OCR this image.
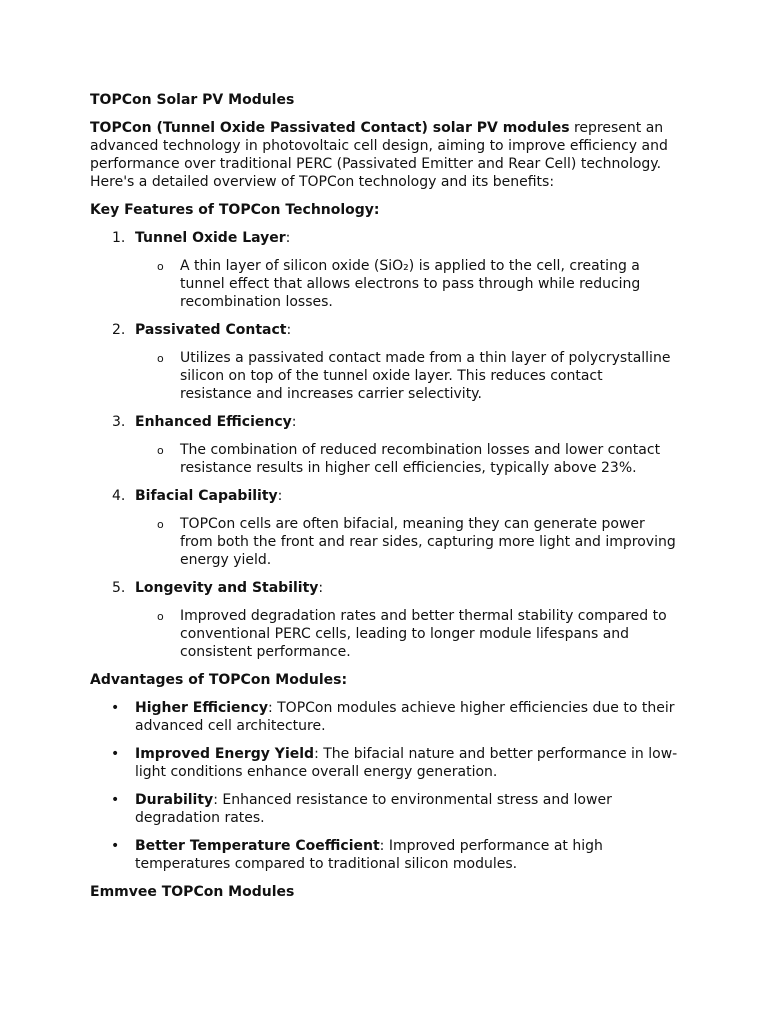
TOPCon Solar PV Modules

TOPCon (Tunnel Oxide Passivated Contact) solar PV modules represent an advanced technology in photovoltaic cell design, aiming to improve efficiency and performance over traditional PERC (Passivated Emitter and Rear Cell) technology. Here's a detailed overview of TOPCon technology and its benefits:

Key Features of TOPCon Technology:

1. Tunnel Oxide Layer:
o A thin layer of silicon oxide (SiO₂) is applied to the cell, creating a tunnel effect that allows electrons to pass through while reducing recombination losses.
2. Passivated Contact:
o Utilizes a passivated contact made from a thin layer of polycrystalline silicon on top of the tunnel oxide layer. This reduces contact resistance and increases carrier selectivity.
3. Enhanced Efficiency:
o The combination of reduced recombination losses and lower contact resistance results in higher cell efficiencies, typically above 23%.
4. Bifacial Capability:
o TOPCon cells are often bifacial, meaning they can generate power from both the front and rear sides, capturing more light and improving energy yield.
5. Longevity and Stability:
o Improved degradation rates and better thermal stability compared to conventional PERC cells, leading to longer module lifespans and consistent performance.

Advantages of TOPCon Modules:

• Higher Efficiency: TOPCon modules achieve higher efficiencies due to their advanced cell architecture.
• Improved Energy Yield: The bifacial nature and better performance in low-light conditions enhance overall energy generation.
• Durability: Enhanced resistance to environmental stress and lower degradation rates.
• Better Temperature Coefficient: Improved performance at high temperatures compared to traditional silicon modules.

Emmvee TOPCon Modules
